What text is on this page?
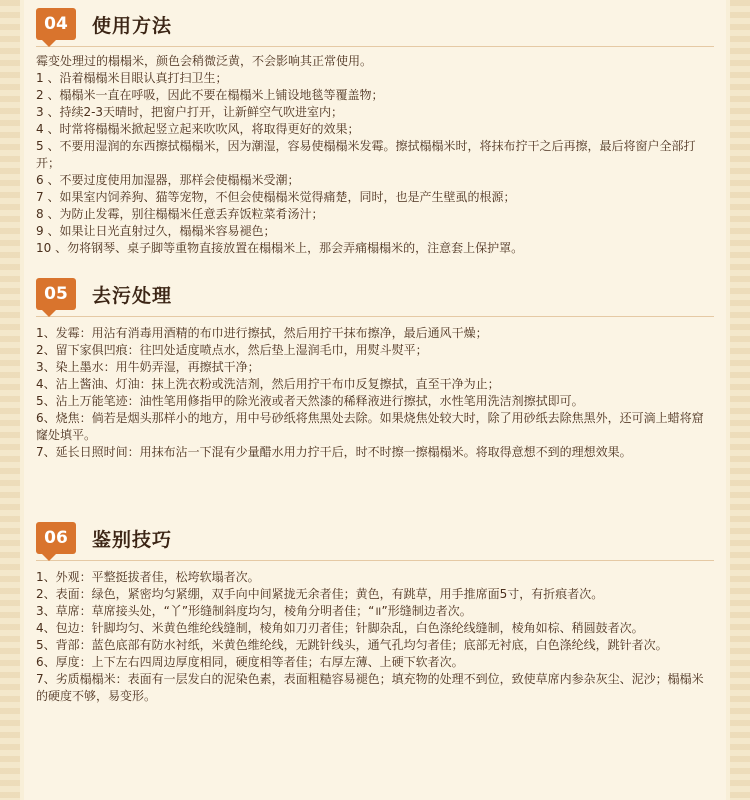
04	使用方法
霉变处理过的榻榻米，颜色会稍微泛黄，不会影响其正常使用。
1 、沿着榻榻米目眼认真打扫卫生；
2 、榻榻米一直在呼吸，因此不要在榻榻米上铺设地毯等覆盖物；
3 、持续2-3天晴时，把窗户打开，让新鲜空气吹进室内；
4 、时常将榻榻米掀起竖立起来吹吹风，将取得更好的效果；
5 、不要用湿润的东西擦拭榻榻米，因为潮湿，容易使榻榻米发霉。擦拭榻榻米时，将抹布拧干之后再擦，最后将窗户全部打开；
6 、不要过度使用加湿器，那样会使榻榻米受潮；
7 、如果室内饲养狗、猫等宠物，不但会使榻榻米觉得痛楚，同时，也是产生壁虱的根源；
8 、为防止发霉，别往榻榻米任意丢弃饭粒菜肴汤汁；
9 、如果让日光直射过久，榻榻米容易褪色；
10 、勿将钢琴、桌子脚等重物直接放置在榻榻米上，那会弄痛榻榻米的，注意套上保护罩。
05	去污处理
1、发霉：用沾有消毒用酒精的布巾进行擦拭，然后用拧干抹布擦净，最后通风干燥；
2、留下家俱凹痕：往凹处适度喷点水，然后垫上湿润毛巾，用熨斗熨平；
3、染上墨水：用牛奶弄湿，再擦拭干净；
4、沾上酱油、灯油：抹上洗衣粉或洗洁剂，然后用拧干布巾反复擦拭，直至干净为止；
5、沾上万能笔迹：油性笔用修指甲的除光液或者天然漆的稀释液进行擦拭，水性笔用洗洁剂擦拭即可。
6、烧焦：倘若是烟头那样小的地方，用中号砂纸将焦黑处去除。如果烧焦处较大时，除了用砂纸去除焦黑外，还可滴上蜡将窟窿处填平。
7、延长日照时间：用抹布沾一下混有少量醋水用力拧干后，时不时擦一擦榻榻米。将取得意想不到的理想效果。
06	鉴别技巧
1、外观：平整挺拔者佳，松垮软塌者次。
2、表面：绿色，紧密均匀紧绷，双手向中间紧拢无余者佳；黄色，有跳草，用手推席面5寸，有折痕者次。
3、草席：草席接头处，“丫”形缝制斜度均匀，棱角分明者佳；“॥”形缝制边者次。
4、包边：针脚均匀、米黄色维纶线缝制，棱角如刀刃者佳；针脚杂乱，白色涤纶线缝制，棱角如棕、稍圆鼓者次。
5、背部：蓝色底部有防水衬纸，米黄色维纶线，无跳针线头，通气孔均匀者佳；底部无衬底，白色涤纶线，跳针者次。
6、厚度：上下左右四周边厚度相同，硬度相等者佳；右厚左薄、上硬下软者次。
7、劣质榻榻米：表面有一层发白的泥染色素，表面粗糙容易褪色；填充物的处理不到位，致使草席内参杂灰尘、泥沙；榻榻米的硬度不够，易变形。
